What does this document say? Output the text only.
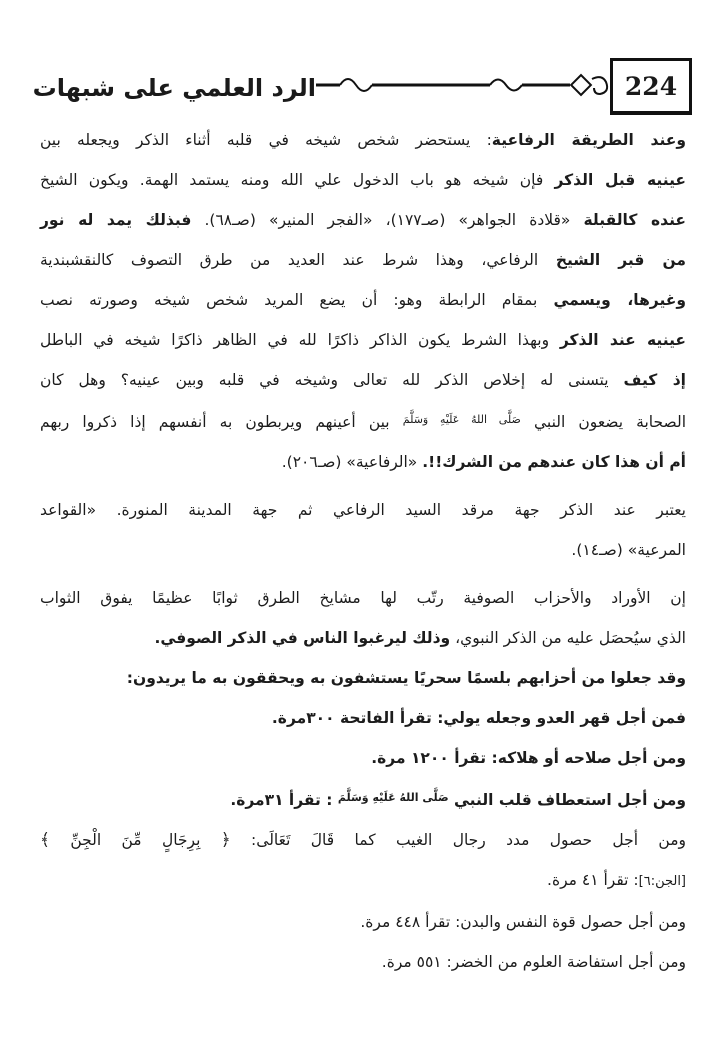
الرد العلمي على شبهات	224

وعند الطريقة الرفاعية: يستحضر شخص شيخه في قلبه أثناء الذكر ويجعله بين
عينيه قبل الذكر فإن شيخه هو باب الدخول علي الله ومنه يستمد الهمة. ويكون الشيخ
عنده كالقبلة «قلادة الجواهر» (صـ١٧٧)، «الفجر المنير» (صـ٦٨). فبذلك يمد له نور
من قبر الشيخ الرفاعي، وهذا شرط عند العديد من طرق التصوف كالنقشبندية
وغيرها، ويسمي بمقام الرابطة وهو: أن يضع المريد شخص شيخه وصورته نصب
عينيه عند الذكر وبهذا الشرط يكون الذاكر ذاكرًا لله في الظاهر ذاكرًا شيخه في الباطل
إذ كيف يتسنى له إخلاص الذكر لله تعالى وشيخه في قلبه وبين عينيه؟ وهل كان
الصحابة يضعون النبي $^{صَلَّى اللهُ عَلَيْهِ وَسَلَّمَ}$ بين أعينهم ويربطون به أنفسهم إذا ذكروا ربهم

أم أن هذا كان عندهم من الشرك!!. «الرفاعية» (صـ٢٠٦).

يعتبر عند الذكر جهة مرقد السيد الرفاعي ثم جهة المدينة المنورة. «القواعد

المرعية» (صـ١٤).

إن الأوراد والأحزاب الصوفية رتّب لها مشايخ الطرق ثوابًا عظيمًا يفوق الثواب

الذي سيُحصَل عليه من الذكر النبوي، وذلك ليرغبوا الناس في الذكر الصوفي.

وقد جعلوا من أحزابهم بلسمًا سحريًا يستشفون به ويحققون به ما يريدون:

فمن أجل قهر العدو وجعله يولي: تقرأ الفاتحة ٣٠٠مرة.

ومن أجل صلاحه أو هلاكه: تقرأ ١٢٠٠ مرة.

ومن أجل استعطاف قلب النبي $^{صَلَّى اللهُ عَلَيْهِ وَسَلَّمَ}$ : تقرأ ٣١مرة.

ومن أجل حصول مدد رجال الغيب كما قَالَ تَعَالَى: ﴿ بِرِجَالٍ مِّنَ الْجِنِّ ﴾

[الجن:٦]: تقرأ ٤١ مرة.

ومن أجل حصول قوة النفس والبدن: تقرأ ٤٤٨ مرة.

ومن أجل استفاضة العلوم من الخضر: ٥٥١ مرة.
